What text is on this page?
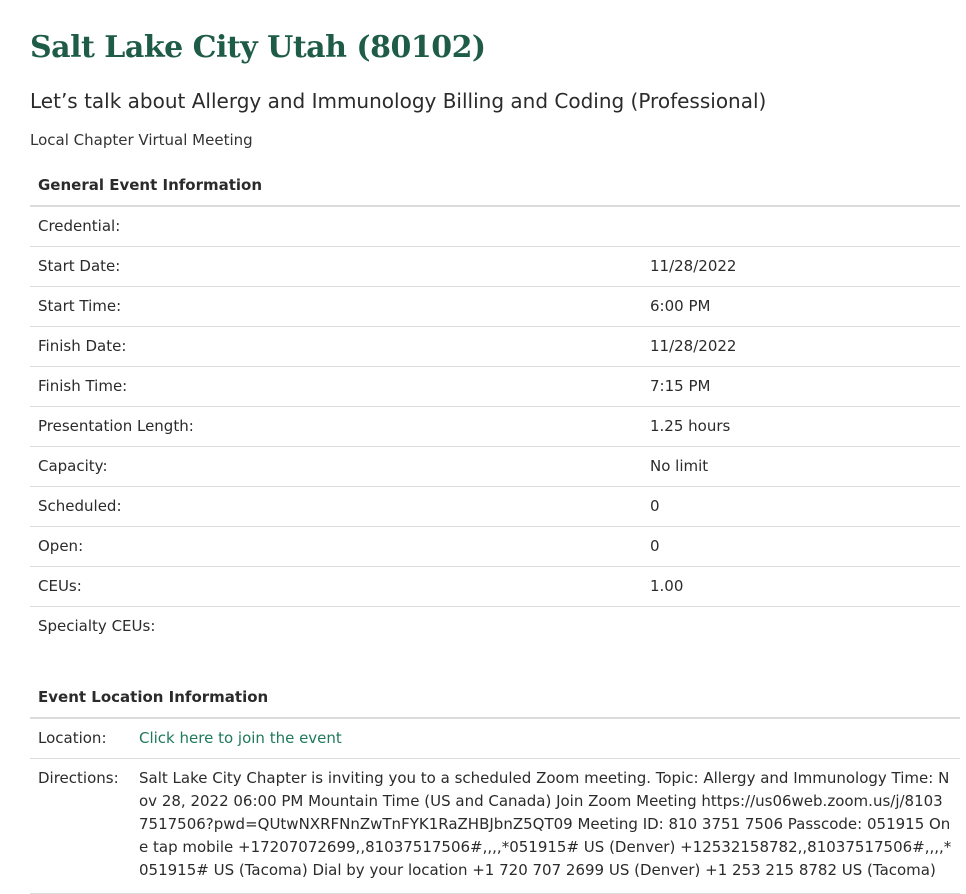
Salt Lake City Utah (80102)
Let’s talk about Allergy and Immunology Billing and Coding (Professional)
Local Chapter Virtual Meeting
General Event Information	
Credential:	
Start Date:	11/28/2022
Start Time:	6:00 PM
Finish Date:	11/28/2022
Finish Time:	7:15 PM
Presentation Length:	1.25 hours
Capacity:	No limit
Scheduled:	0
Open:	0
CEUs:	1.00
Specialty CEUs:	
Event Location Information	
Location:	Click here to join the event
Directions:	Salt Lake City Chapter is inviting you to a scheduled Zoom meeting. Topic: Allergy and Immunology Time: Nov 28, 2022 06:00 PM Mountain Time (US and Canada) Join Zoom Meeting https://us06web.zoom.us/j/81037517506?pwd=QUtwNXRFNnZwTnFYK1RaZHBJbnZ5QT09 Meeting ID: 810 3751 7506 Passcode: 051915 One tap mobile +17207072699,,81037517506#,,,,*051915# US (Denver) +12532158782,,81037517506#,,,,*051915# US (Tacoma) Dial by your location +1 720 707 2699 US (Denver) +1 253 215 8782 US (Tacoma)
